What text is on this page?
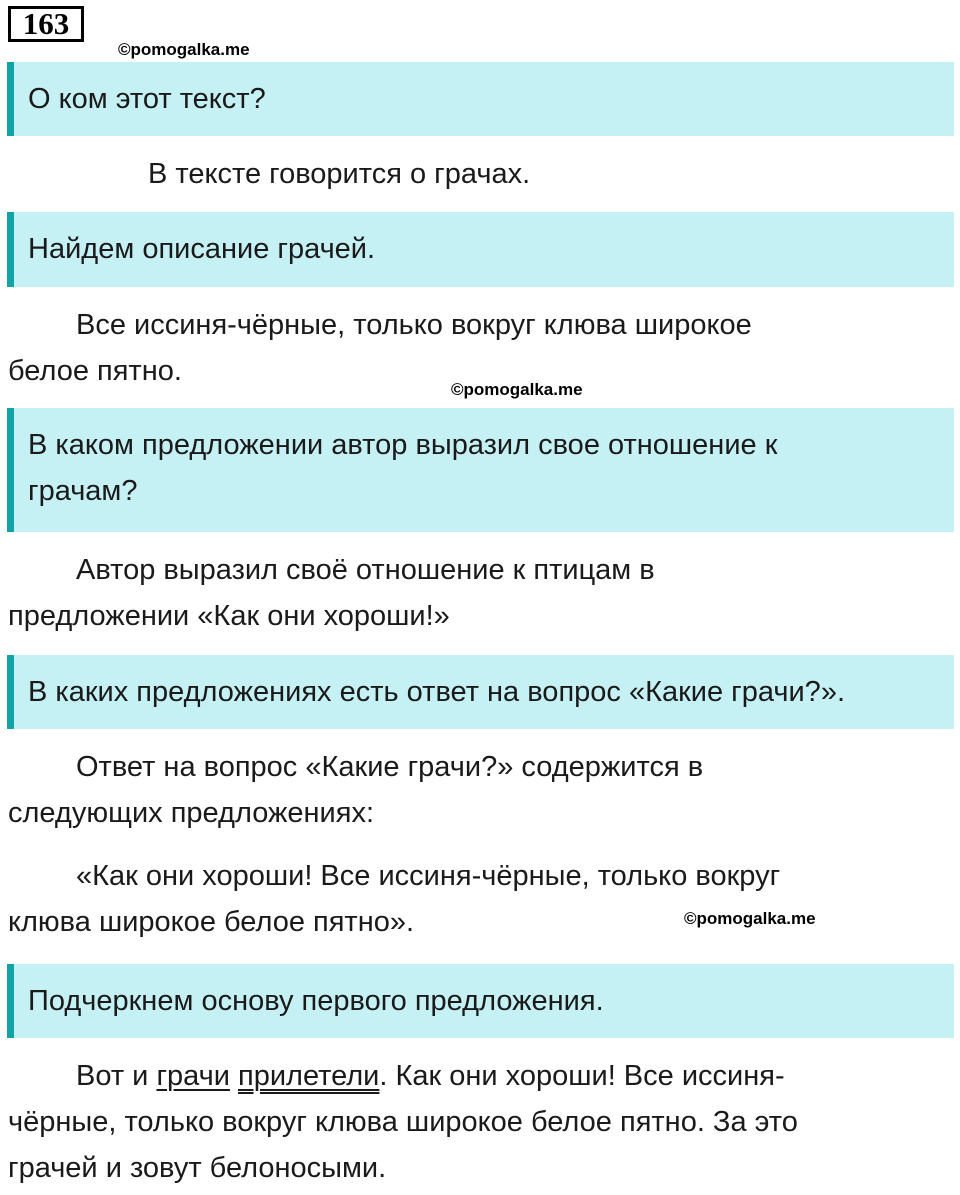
163
©pomogalka.me
О ком этот текст?
В тексте говорится о грачах.
Найдем описание грачей.
Все иссиня-чёрные, только вокруг клюва широкое
белое пятно.
©pomogalka.me
В каком предложении автор выразил свое отношение к
грачам?
Автор выразил своё отношение к птицам в
предложении «Как они хороши!»
В каких предложениях есть ответ на вопрос «Какие грачи?».
Ответ на вопрос «Какие грачи?» содержится в
следующих предложениях:
«Как они хороши! Все иссиня-чёрные, только вокруг
клюва широкое белое пятно».	©pomogalka.me
Подчеркнем основу первого предложения.
Вот и грачи прилетели. Как они хороши! Все иссиня-
чёрные, только вокруг клюва широкое белое пятно. За это
грачей и зовут белоносыми.
